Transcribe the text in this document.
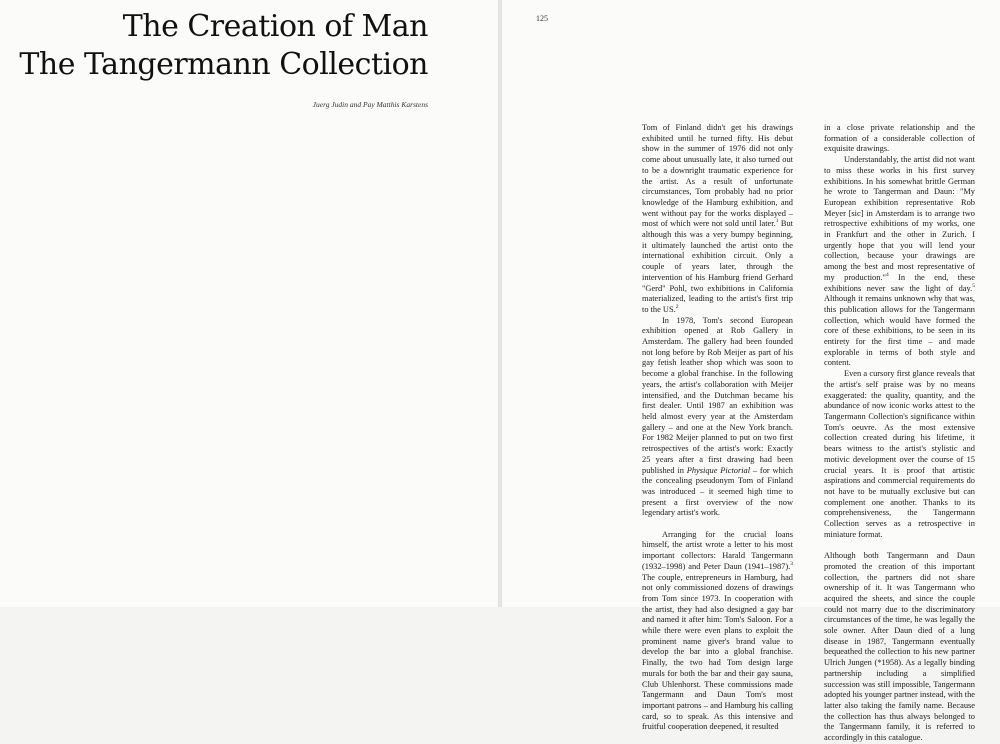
The Creation of Man
The Tangermann Collection
Juerg Judin and Pay Matthis Karstens
125

Tom of Finland didn't get his drawings exhibited until he turned fifty. His debut show in the summer of 1976 did not only come about unusually late, it also turned out to be a downright traumatic experience for the artist. As a result of unfortunate circumstances, Tom probably had no prior knowledge of the Hamburg exhibition, and went without pay for the works displayed – most of which were not sold until later.$^1$ But although this was a very bumpy beginning, it ultimately launched the artist onto the international exhibition circuit. Only a couple of years later, through the intervention of his Hamburg friend Gerhard "Gerd" Pohl, two exhibitions in California materialized, leading to the artist's first trip to the US.$^2$

In 1978, Tom's second European exhibition opened at Rob Gallery in Amsterdam. The gallery had been founded not long before by Rob Meijer as part of his gay fetish leather shop which was soon to become a global franchise. In the following years, the artist's collaboration with Meijer intensified, and the Dutchman became his first dealer. Until 1987 an exhibition was held almost every year at the Amsterdam gallery – and one at the New York branch. For 1982 Meijer planned to put on two first retrospectives of the artist's work: Exactly 25 years after a first drawing had been published in Physique Pictorial – for which the concealing pseudonym Tom of Finland was introduced – it seemed high time to present a first overview of the now legendary artist's work.

Arranging for the crucial loans himself, the artist wrote a letter to his most important collectors: Harald Tangermann (1932–1998) and Peter Daun (1941–1987).$^3$ The couple, entrepreneurs in Hamburg, had not only commissioned dozens of drawings from Tom since 1973. In cooperation with the artist, they had also designed a gay bar and named it after him: Tom's Saloon. For a while there were even plans to exploit the prominent name giver's brand value to develop the bar into a global franchise. Finally, the two had Tom design large murals for both the bar and their gay sauna, Club Uhlenhorst. These commissions made Tangermann and Daun Tom's most important patrons – and Hamburg his calling card, so to speak. As this intensive and fruitful cooperation deepened, it resulted

in a close private relationship and the formation of a considerable collection of exquisite drawings.

Understandably, the artist did not want to miss these works in his first survey exhibitions. In his somewhat brittle German he wrote to Tangerman and Daun: "My European exhibition representative Rob Meyer [sic] in Amsterdam is to arrange two retrospective exhibitions of my works, one in Frankfurt and the other in Zurich. I urgently hope that you will lend your collection, because your drawings are among the best and most representative of my production."$^4$ In the end, these exhibitions never saw the light of day.$^5$ Although it remains unknown why that was, this publication allows for the Tangermann collection, which would have formed the core of these exhibitions, to be seen in its entirety for the first time – and made explorable in terms of both style and content.

Even a cursory first glance reveals that the artist's self praise was by no means exaggerated: the quality, quantity, and the abundance of now iconic works attest to the Tangermann Collection's significance within Tom's oeuvre. As the most extensive collection created during his lifetime, it bears witness to the artist's stylistic and motivic development over the course of 15 crucial years. It is proof that artistic aspirations and commercial requirements do not have to be mutually exclusive but can complement one another. Thanks to its comprehensiveness, the Tangermann Collection serves as a retrospective in miniature format.

Although both Tangermann and Daun promoted the creation of this important collection, the partners did not share ownership of it. It was Tangermann who acquired the sheets, and since the couple could not marry due to the discriminatory circumstances of the time, he was legally the sole owner. After Daun died of a lung disease in 1987, Tangermann eventually bequeathed the collection to his new partner Ulrich Jungen (*1958). As a legally binding partnership including a simplified succession was still impossible, Tangermann adopted his younger partner instead, with the latter also taking the family name. Because the collection has thus always belonged to the Tangermann family, it is referred to accordingly in this catalogue.
